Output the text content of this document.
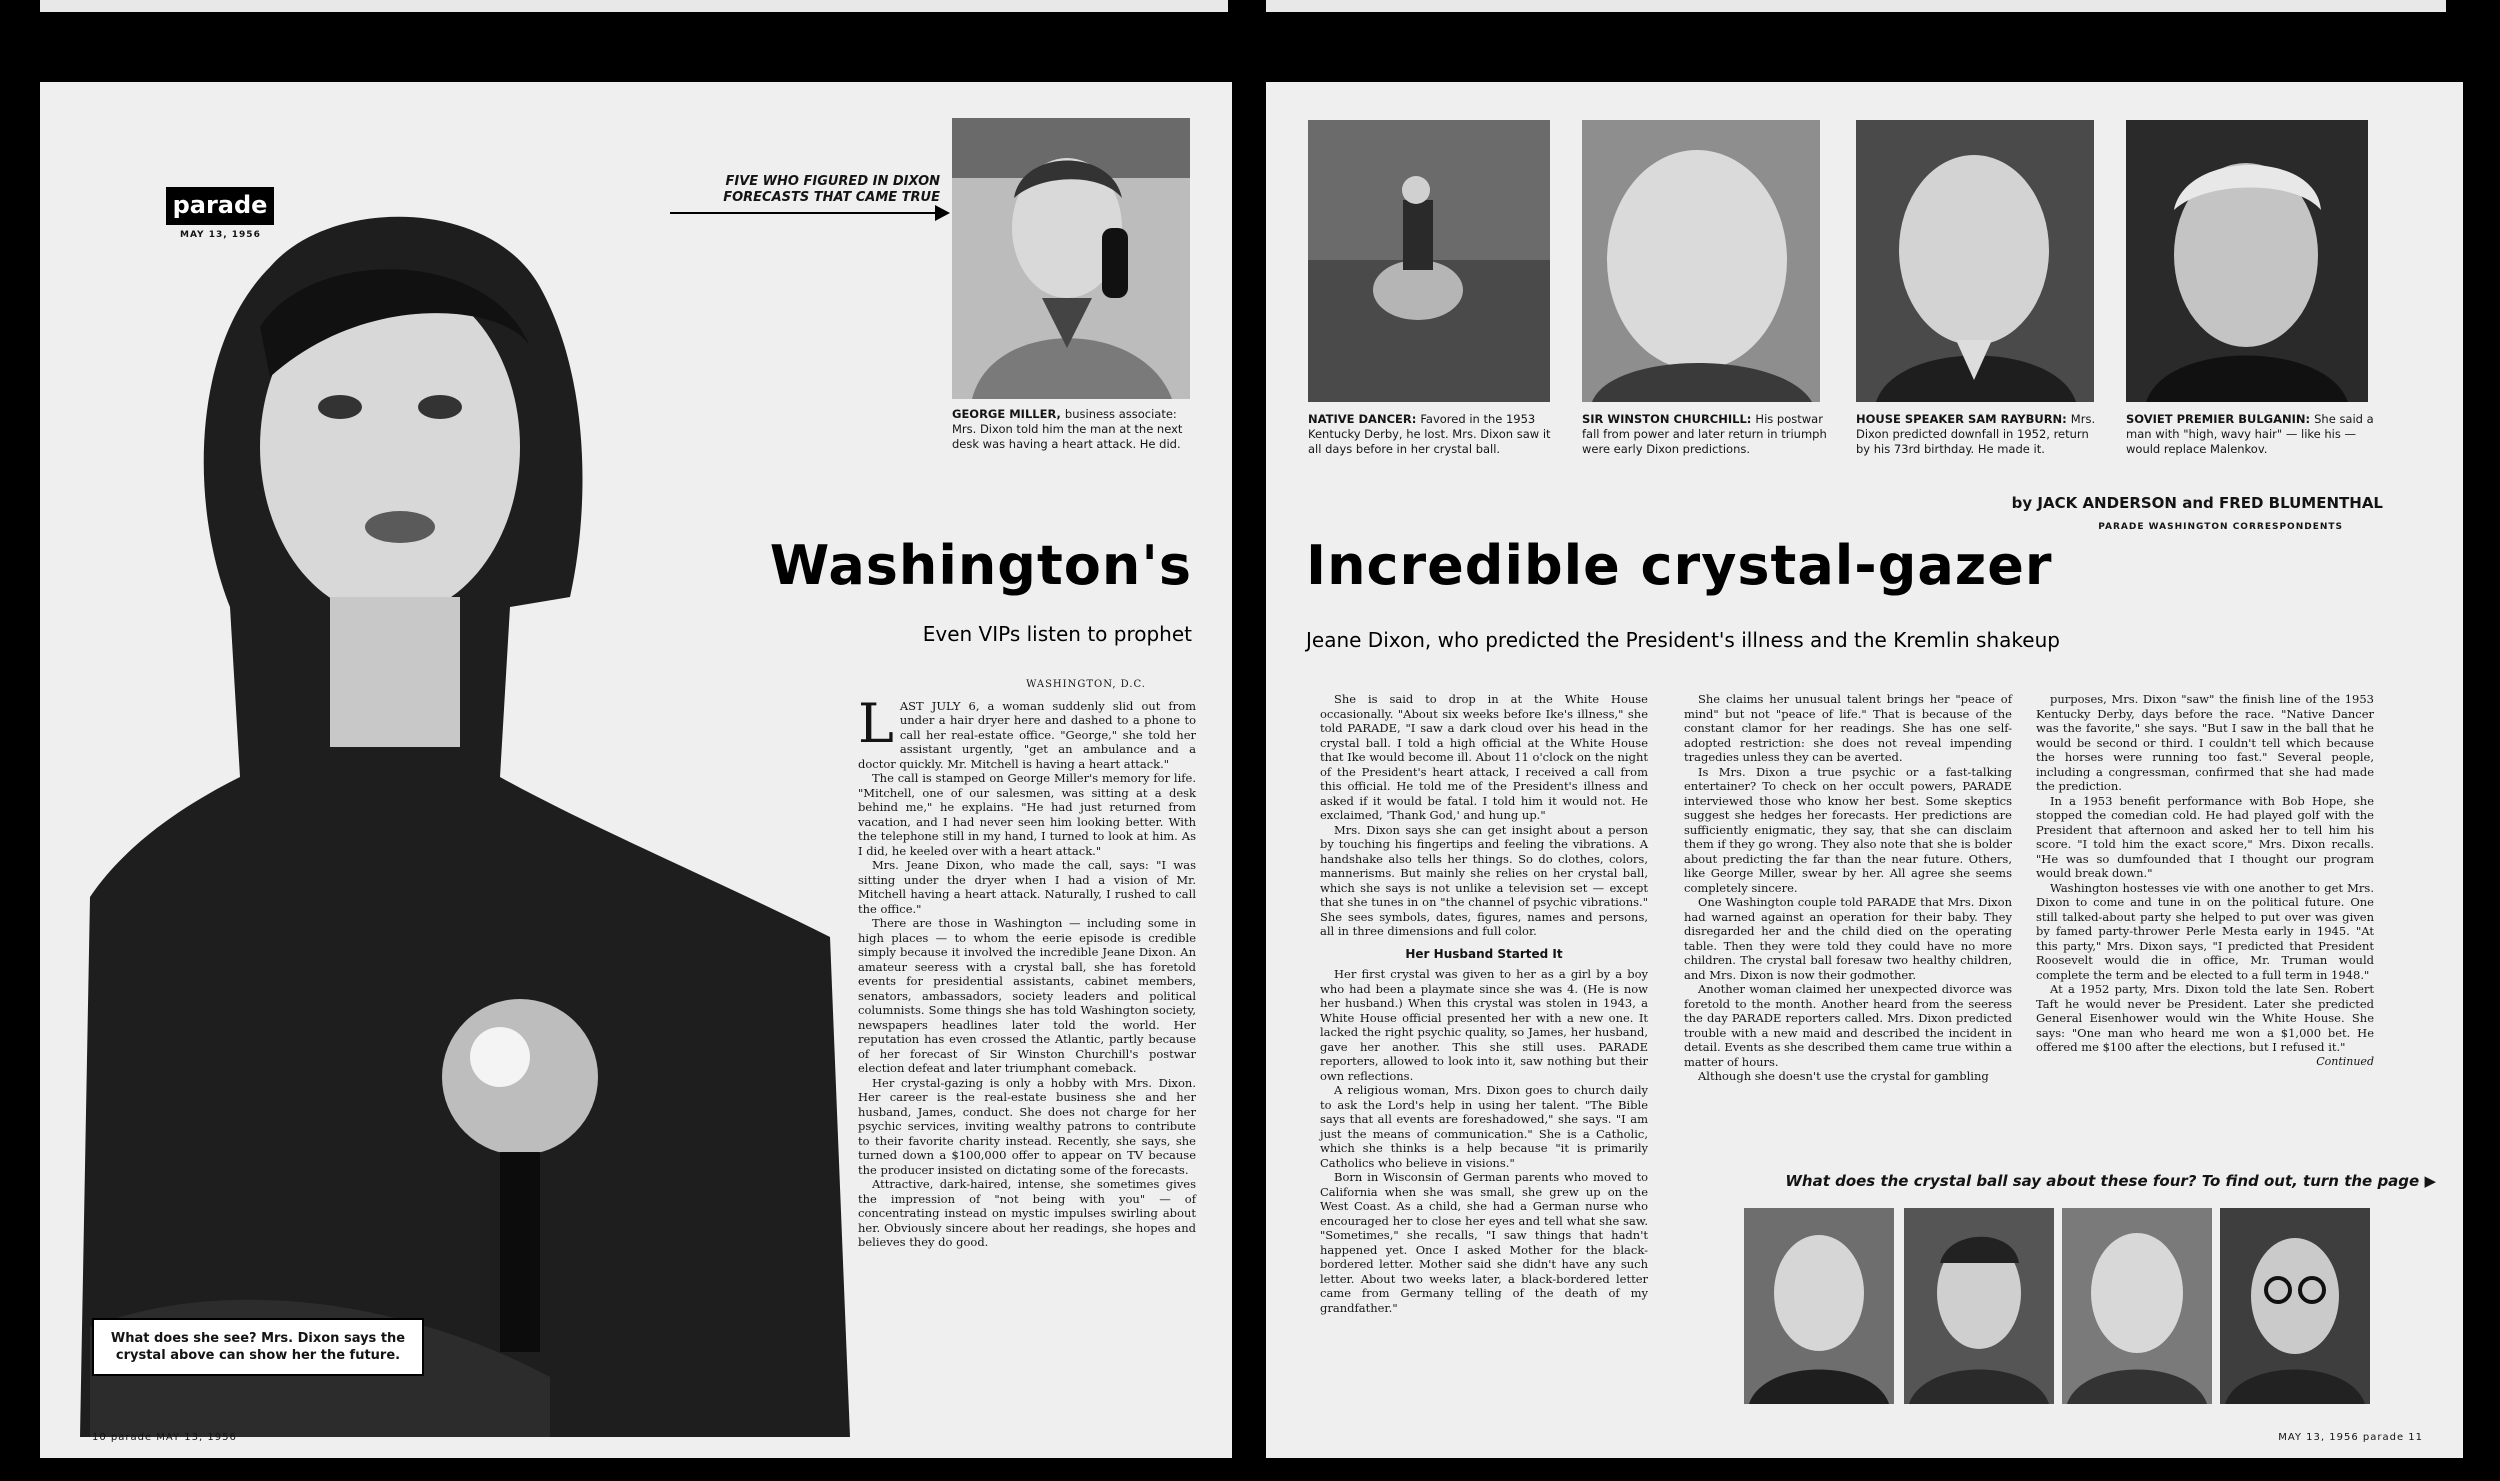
parade
MAY 13, 1956
FIVE WHO FIGURED IN DIXON FORECASTS THAT CAME TRUE
GEORGE MILLER, business associate: Mrs. Dixon told him the man at the next desk was having a heart attack. He did.
Washington's
Even VIPs listen to prophet
WASHINGTON, D.C.

LAST JULY 6, a woman suddenly slid out from under a hair dryer here and dashed to a phone to call her real-estate office. "George," she told her assistant urgently, "get an ambulance and a doctor quickly. Mr. Mitchell is having a heart attack."

The call is stamped on George Miller's memory for life. "Mitchell, one of our salesmen, was sitting at a desk behind me," he explains. "He had just returned from vacation, and I had never seen him looking better. With the telephone still in my hand, I turned to look at him. As I did, he keeled over with a heart attack."

Mrs. Jeane Dixon, who made the call, says: "I was sitting under the dryer when I had a vision of Mr. Mitchell having a heart attack. Naturally, I rushed to call the office."

There are those in Washington — including some in high places — to whom the eerie episode is credible simply because it involved the incredible Jeane Dixon. An amateur seeress with a crystal ball, she has foretold events for presidential assistants, cabinet members, senators, ambassadors, society leaders and political columnists. Some things she has told Washington society, newspapers headlines later told the world. Her reputation has even crossed the Atlantic, partly because of her forecast of Sir Winston Churchill's postwar election defeat and later triumphant comeback.

Her crystal-gazing is only a hobby with Mrs. Dixon. Her career is the real-estate business she and her husband, James, conduct. She does not charge for her psychic services, inviting wealthy patrons to contribute to their favorite charity instead. Recently, she says, she turned down a $100,000 offer to appear on TV because the producer insisted on dictating some of the forecasts.

Attractive, dark-haired, intense, she sometimes gives the impression of "not being with you" — of concentrating instead on mystic impulses swirling about her. Obviously sincere about her readings, she hopes and believes they do good.

What does she see? Mrs. Dixon says the crystal above can show her the future.
10 parade MAY 13, 1956
NATIVE DANCER: Favored in the 1953 Kentucky Derby, he lost. Mrs. Dixon saw it all days before in her crystal ball.
SIR WINSTON CHURCHILL: His postwar fall from power and later return in triumph were early Dixon predictions.
HOUSE SPEAKER SAM RAYBURN: Mrs. Dixon predicted downfall in 1952, return by his 73rd birthday. He made it.
SOVIET PREMIER BULGANIN: She said a man with "high, wavy hair" — like his — would replace Malenkov.
by JACK ANDERSON and FRED BLUMENTHAL
PARADE WASHINGTON CORRESPONDENTS
Incredible crystal-gazer
Jeane Dixon, who predicted the President's illness and the Kremlin shakeup

She is said to drop in at the White House occasionally. "About six weeks before Ike's illness," she told PARADE, "I saw a dark cloud over his head in the crystal ball. I told a high official at the White House that Ike would become ill. About 11 o'clock on the night of the President's heart attack, I received a call from this official. He told me of the President's illness and asked if it would be fatal. I told him it would not. He exclaimed, 'Thank God,' and hung up."

Mrs. Dixon says she can get insight about a person by touching his fingertips and feeling the vibrations. A handshake also tells her things. So do clothes, colors, mannerisms. But mainly she relies on her crystal ball, which she says is not unlike a television set — except that she tunes in on "the channel of psychic vibrations." She sees symbols, dates, figures, names and persons, all in three dimensions and full color.

Her Husband Started It

Her first crystal was given to her as a girl by a boy who had been a playmate since she was 4. (He is now her husband.) When this crystal was stolen in 1943, a White House official presented her with a new one. It lacked the right psychic quality, so James, her husband, gave her another. This she still uses. PARADE reporters, allowed to look into it, saw nothing but their own reflections.

A religious woman, Mrs. Dixon goes to church daily to ask the Lord's help in using her talent. "The Bible says that all events are foreshadowed," she says. "I am just the means of communication." She is a Catholic, which she thinks is a help because "it is primarily Catholics who believe in visions."

Born in Wisconsin of German parents who moved to California when she was small, she grew up on the West Coast. As a child, she had a German nurse who encouraged her to close her eyes and tell what she saw. "Sometimes," she recalls, "I saw things that hadn't happened yet. Once I asked Mother for the black-bordered letter. Mother said she didn't have any such letter. About two weeks later, a black-bordered letter came from Germany telling of the death of my grandfather."

She claims her unusual talent brings her "peace of mind" but not "peace of life." That is because of the constant clamor for her readings. She has one self-adopted restriction: she does not reveal impending tragedies unless they can be averted.

Is Mrs. Dixon a true psychic or a fast-talking entertainer? To check on her occult powers, PARADE interviewed those who know her best. Some skeptics suggest she hedges her forecasts. Her predictions are sufficiently enigmatic, they say, that she can disclaim them if they go wrong. They also note that she is bolder about predicting the far than the near future. Others, like George Miller, swear by her. All agree she seems completely sincere.

One Washington couple told PARADE that Mrs. Dixon had warned against an operation for their baby. They disregarded her and the child died on the operating table. Then they were told they could have no more children. The crystal ball foresaw two healthy children, and Mrs. Dixon is now their godmother.

Another woman claimed her unexpected divorce was foretold to the month. Another heard from the seeress the day PARADE reporters called. Mrs. Dixon predicted trouble with a new maid and described the incident in detail. Events as she described them came true within a matter of hours.

Although she doesn't use the crystal for gambling

purposes, Mrs. Dixon "saw" the finish line of the 1953 Kentucky Derby, days before the race. "Native Dancer was the favorite," she says. "But I saw in the ball that he would be second or third. I couldn't tell which because the horses were running too fast." Several people, including a congressman, confirmed that she had made the prediction.

In a 1953 benefit performance with Bob Hope, she stopped the comedian cold. He had played golf with the President that afternoon and asked her to tell him his score. "I told him the exact score," Mrs. Dixon recalls. "He was so dumfounded that I thought our program would break down."

Washington hostesses vie with one another to get Mrs. Dixon to come and tune in on the political future. One still talked-about party she helped to put over was given by famed party-thrower Perle Mesta early in 1945. "At this party," Mrs. Dixon says, "I predicted that President Roosevelt would die in office, Mr. Truman would complete the term and be elected to a full term in 1948."

At a 1952 party, Mrs. Dixon told the late Sen. Robert Taft he would never be President. Later she predicted General Eisenhower would win the White House. She says: "One man who heard me won a $1,000 bet. He offered me $100 after the elections, but I refused it."

Continued
What does the crystal ball say about these four? To find out, turn the page ▶
MAY 13, 1956 parade 11
